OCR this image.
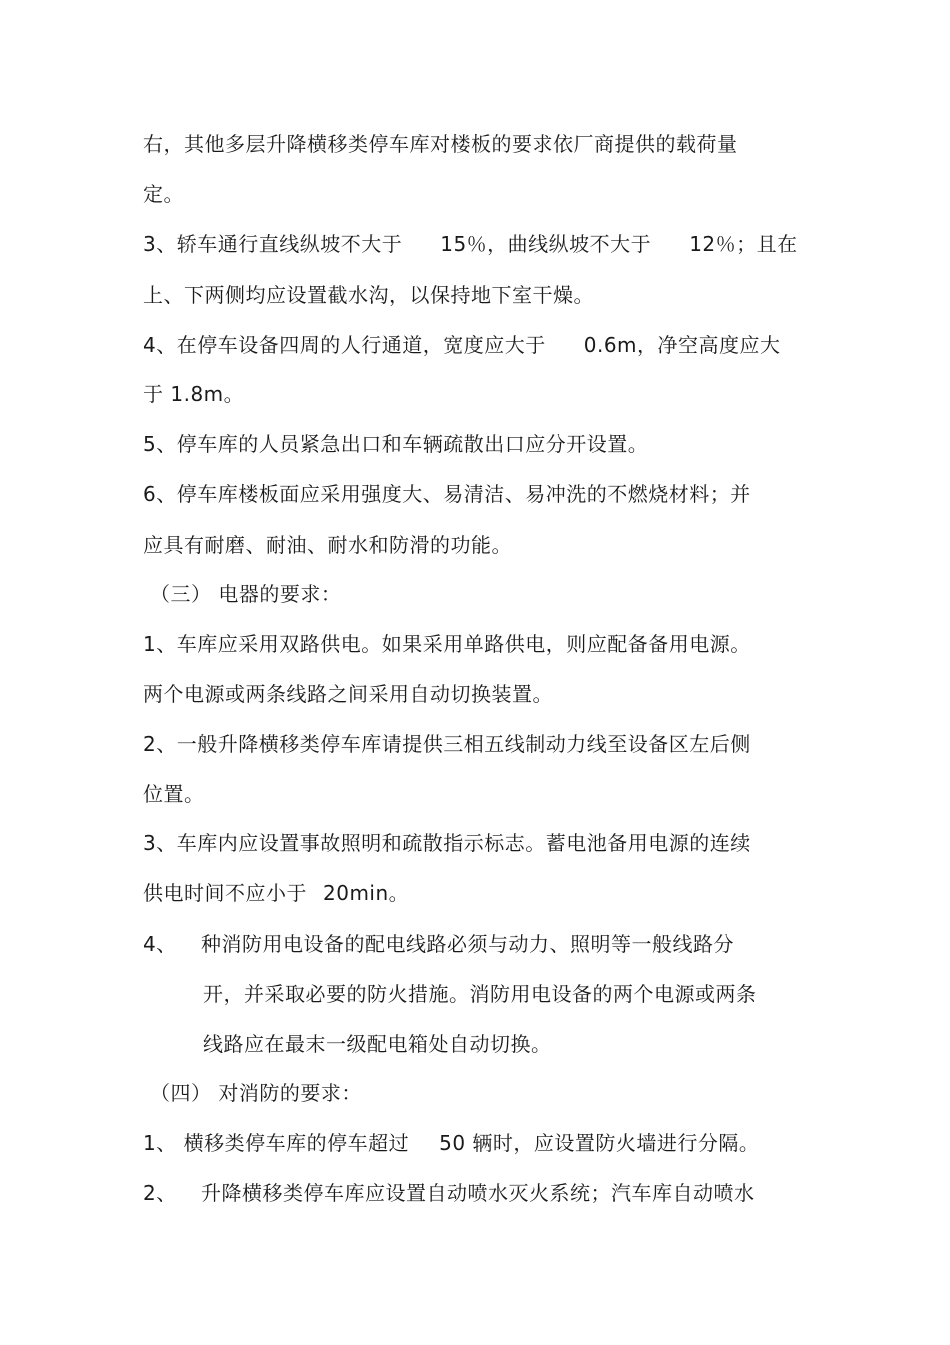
右，其他多层升降横移类停车库对楼板的要求依厂商提供的载荷量
定。
3、轿车通行直线纵坡不大于 15％，曲线纵坡不大于 12％；且在
上、下两侧均应设置截水沟，以保持地下室干燥。
4、在停车设备四周的人行通道，宽度应大于 0.6m，净空高度应大
于 1.8m。
5、停车库的人员紧急出口和车辆疏散出口应分开设置。
6、停车库楼板面应采用强度大、易清洁、易冲洗的不燃烧材料；并
应具有耐磨、耐油、耐水和防滑的功能。
（三） 电器的要求：
1、车库应采用双路供电。如果采用单路供电，则应配备备用电源。
两个电源或两条线路之间采用自动切换装置。
2、一般升降横移类停车库请提供三相五线制动力线至设备区左后侧
位置。
3、车库内应设置事故照明和疏散指示标志。蓄电池备用电源的连续
供电时间不应小于 20min。
4、 种消防用电设备的配电线路必须与动力、照明等一般线路分
开，并采取必要的防火措施。消防用电设备的两个电源或两条
线路应在最末一级配电箱处自动切换。
（四） 对消防的要求：
1、 横移类停车库的停车超过 50 辆时，应设置防火墙进行分隔。
2、 升降横移类停车库应设置自动喷水灭火系统；汽车库自动喷水
